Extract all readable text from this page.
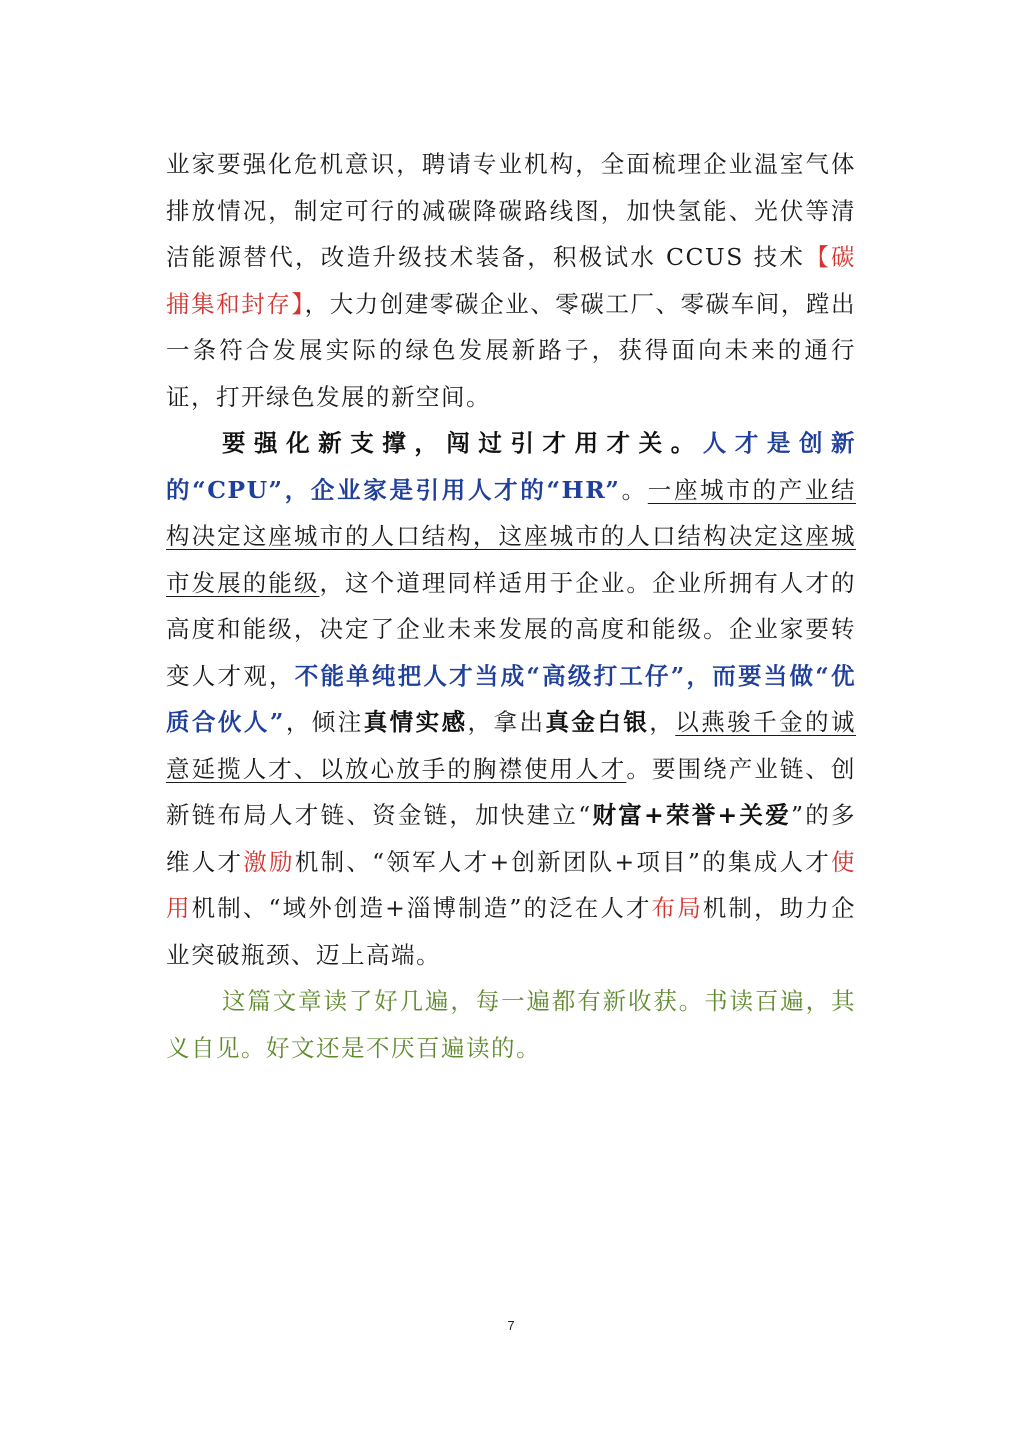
业家要强化危机意识，聘请专业机构，全面梳理企业温室气体排放情况，制定可行的减碳降碳路线图，加快氢能、光伏等清洁能源替代，改造升级技术装备，积极试水 CCUS 技术【碳捕集和封存】，大力创建零碳企业、零碳工厂、零碳车间，蹚出一条符合发展实际的绿色发展新路子，获得面向未来的通行证，打开绿色发展的新空间。

要强化新支撑，闯过引才用才关。人才是创新的“CPU”，企业家是引用人才的“HR”。一座城市的产业结构决定这座城市的人口结构，这座城市的人口结构决定这座城市发展的能级，这个道理同样适用于企业。企业所拥有人才的高度和能级，决定了企业未来发展的高度和能级。企业家要转变人才观，不能单纯把人才当成“高级打工仔”，而要当做“优质合伙人”，倾注真情实感，拿出真金白银，以燕骏千金的诚意延揽人才、以放心放手的胸襟使用人才。要围绕产业链、创新链布局人才链、资金链，加快建立“财富+荣誉+关爱”的多维人才激励机制、“领军人才+创新团队+项目”的集成人才使用机制、“域外创造+淄博制造”的泛在人才布局机制，助力企业突破瓶颈、迈上高端。

这篇文章读了好几遍，每一遍都有新收获。书读百遍，其义自见。好文还是不厌百遍读的。

7
